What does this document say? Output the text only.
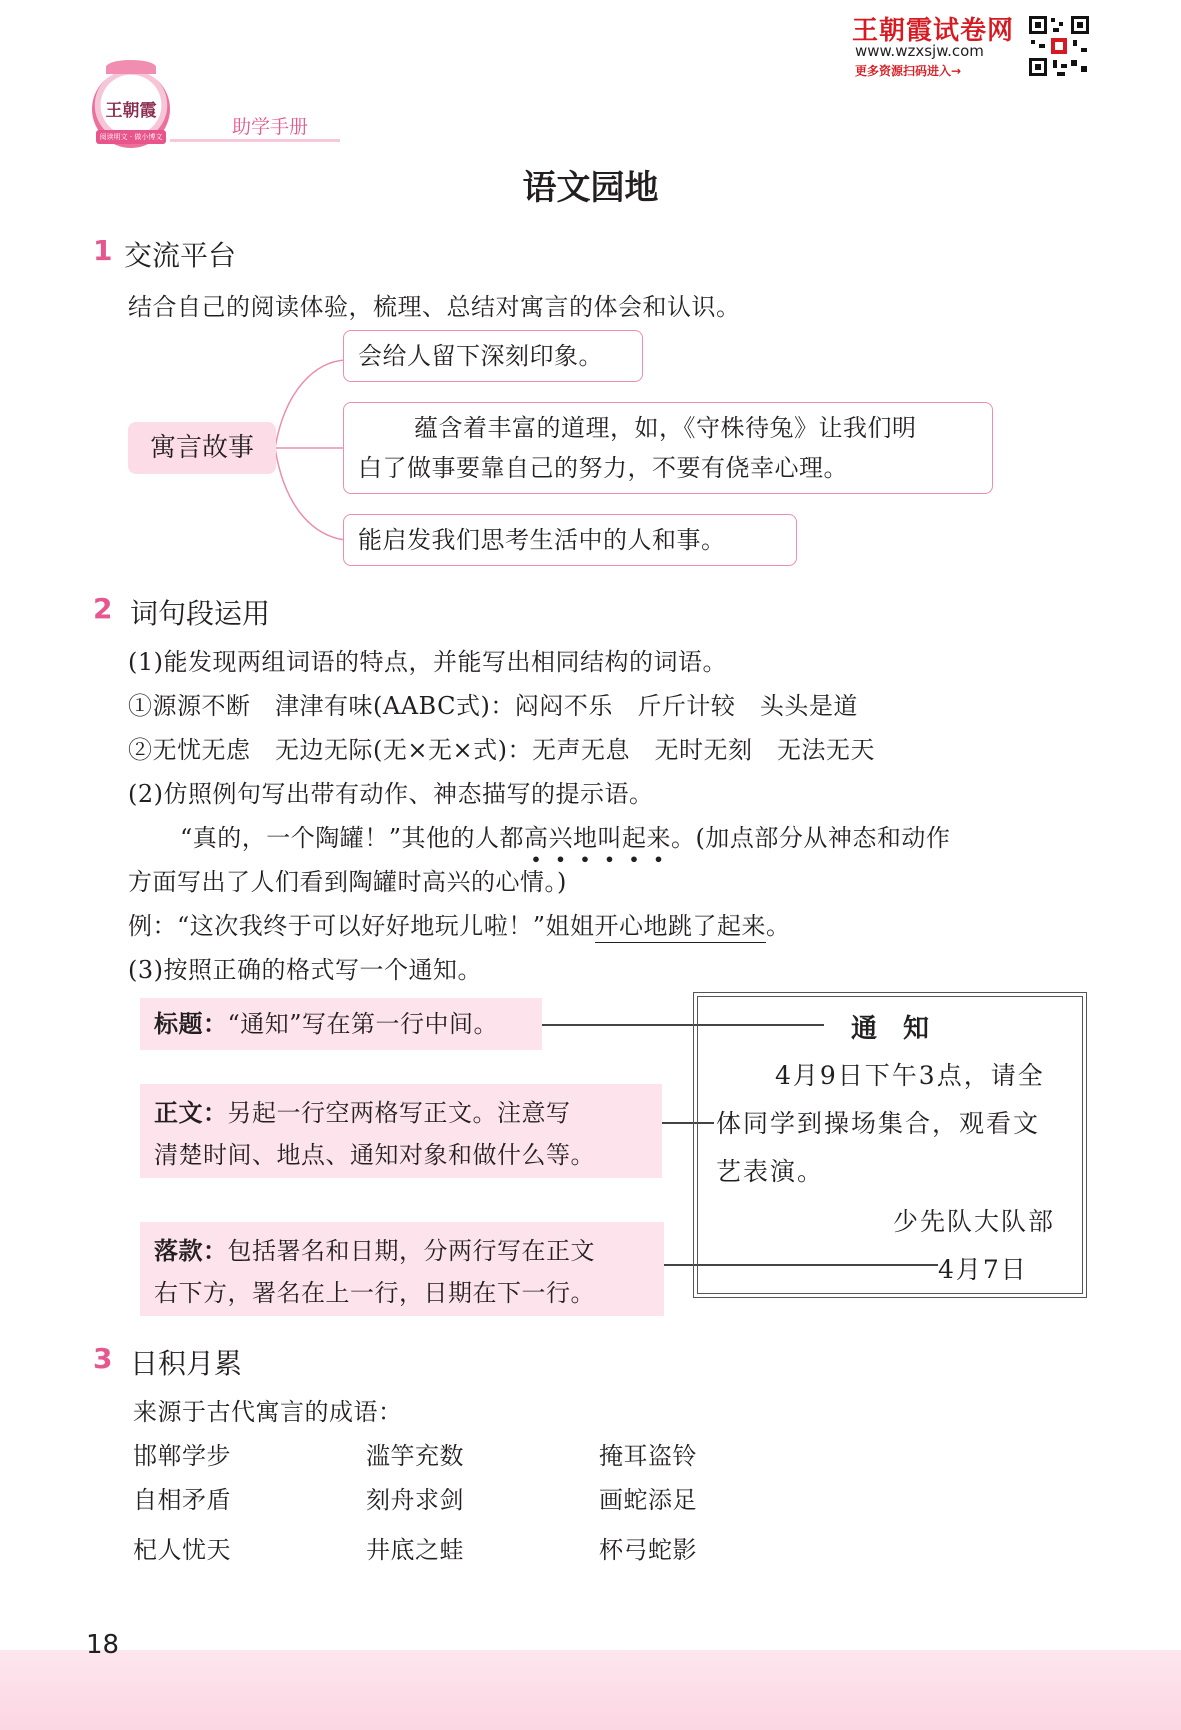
王朝霞
阅读明文 · 做小博文	助学手册
王朝霞试卷网
www.wzxsjw.com
更多资源扫码进入→
语文园地
1 交流平台
结合自己的阅读体验，梳理、总结对寓言的体会和认识。
寓言故事
会给人留下深刻印象。
蕴含着丰富的道理，如，《守株待兔》让我们明
白了做事要靠自己的努力，不要有侥幸心理。
能启发我们思考生活中的人和事。
2 词句段运用
(1)能发现两组词语的特点，并能写出相同结构的词语。
①源源不断　津津有味(AABC式)：闷闷不乐　斤斤计较　头头是道
②无忧无虑　无边无际(无×无×式)：无声无息　无时无刻　无法无天
(2)仿照例句写出带有动作、神态描写的提示语。
“真的，一个陶罐！”其他的人都高兴地叫起来
• • • • • •
。(加点部分从神态和动作
方面写出了人们看到陶罐时高兴的心情。)
例：“这次我终于可以好好地玩儿啦！”姐姐开心地跳了起来。
(3)按照正确的格式写一个通知。
标题：“通知”写在第一行中间。
正文：另起一行空两格写正文。注意写
清楚时间、地点、通知对象和做什么等。
落款：包括署名和日期，分两行写在正文
右下方，署名在上一行，日期在下一行。
通　知
4月9日下午3点，请全
体同学到操场集合，观看文
艺表演。
少先队大队部
4月7日
3 日积月累
来源于古代寓言的成语：
邯郸学步	滥竽充数	掩耳盗铃
自相矛盾	刻舟求剑	画蛇添足
杞人忧天	井底之蛙	杯弓蛇影
18
